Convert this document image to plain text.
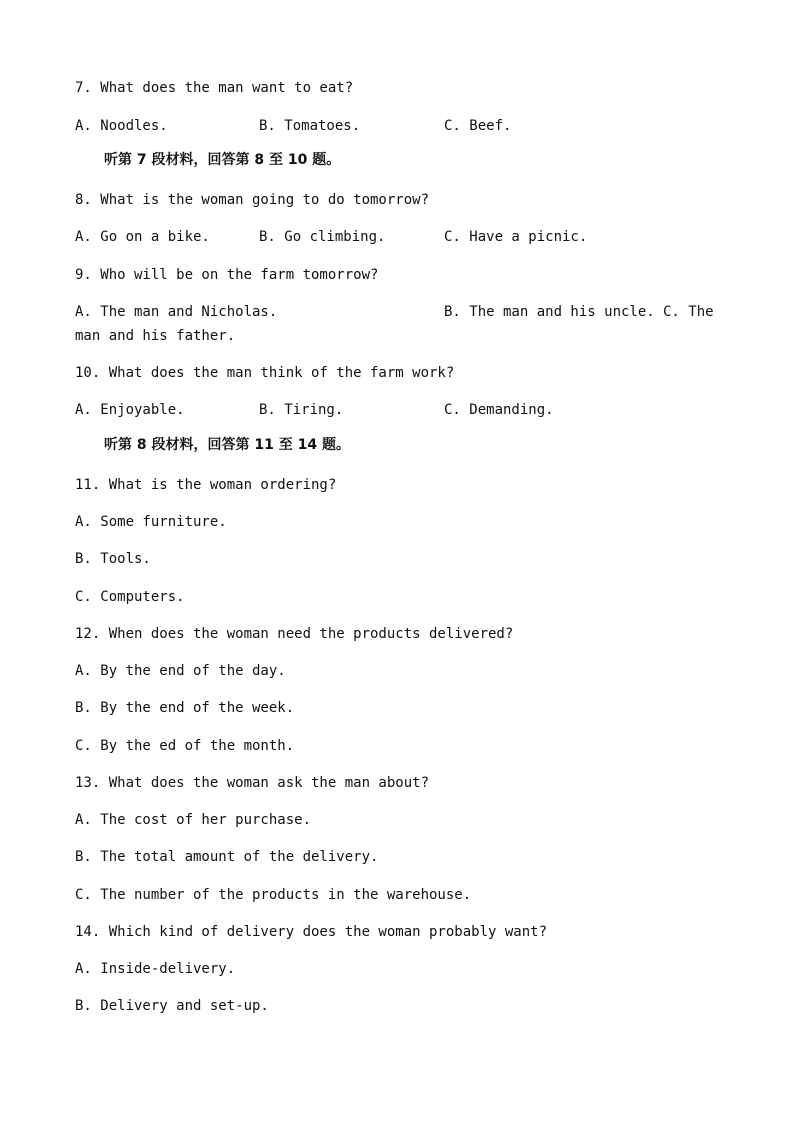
7. What does the man want to eat?
A. Noodles.	B. Tomatoes.	C. Beef.
听第 7 段材料，回答第 8 至 10 题。
8. What is the woman going to do tomorrow?
A. Go on a bike.	B. Go climbing.	C. Have a picnic.
9. Who will be on the farm tomorrow?
A. The man and Nicholas.	B. The man and his uncle. C. The
man and his father.
10. What does the man think of the farm work?
A. Enjoyable.	B. Tiring.	C. Demanding.
听第 8 段材料，回答第 11 至 14 题。
11. What is the woman ordering?
A. Some furniture.
B. Tools.
C. Computers.
12. When does the woman need the products delivered?
A. By the end of the day.
B. By the end of the week.
C. By the ed of the month.
13. What does the woman ask the man about?
A. The cost of her purchase.
B. The total amount of the delivery.
C. The number of the products in the warehouse.
14. Which kind of delivery does the woman probably want?
A. Inside-delivery.
B. Delivery and set-up.
